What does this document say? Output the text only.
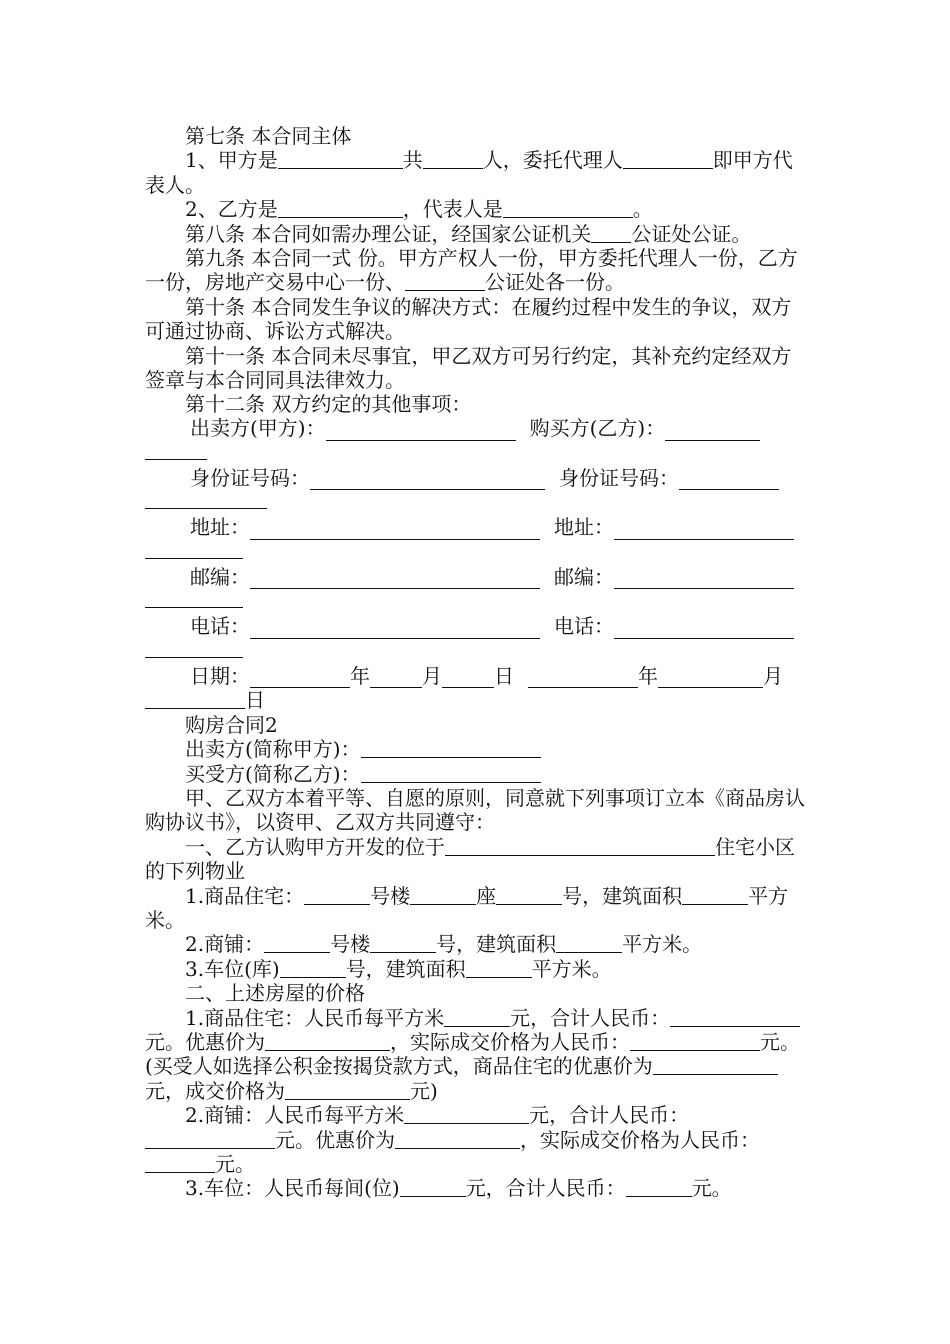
第七条 本合同主体

1、甲方是	共	人，委托代理人	即甲方代表人。

2、乙方是	，代表人是	。

第八条 本合同如需办理公证，经国家公证机关 公证处公证。

第九条 本合同一式 份。甲方产权人一份，甲方委托代理人一份，乙方一份，房地产交易中心一份、	公证处各一份。

第十条 本合同发生争议的解决方式：在履约过程中发生的争议，双方可通过协商、诉讼方式解决。

第十一条 本合同未尽事宜，甲乙双方可另行约定，其补充约定经双方签章与本合同同具法律效力。

第十二条 双方约定的其他事项：

出卖方(甲方)：	购买方(乙方)：
身份证号码：	身份证号码：
地址：	地址：
邮编：	邮编：
电话：	电话：
日期：	年	月	日	年	月
日

购房合同2

出卖方(简称甲方)：

买受方(简称乙方)：

甲、乙双方本着平等、自愿的原则，同意就下列事项订立本《商品房认购协议书》，以资甲、乙双方共同遵守：

一、乙方认购甲方开发的位于	住宅小区的下列物业

1.商品住宅：	号楼	座	号，建筑面积	平方米。

2.商铺：	号楼	号，建筑面积	平方米。

3.车位(库)	号，建筑面积	平方米。

二、上述房屋的价格

1.商品住宅：人民币每平方米	元，合计人民币：元。优惠价为	，实际成交价格为人民币：	元。(买受人如选择公积金按揭贷款方式，商品住宅的优惠价为元，成交价格为	元)

2.商铺：人民币每平方米	元，合计人民币：元。优惠价为	，实际成交价格为人民币：元。

3.车位：人民币每间(位)	元，合计人民币：	元。
